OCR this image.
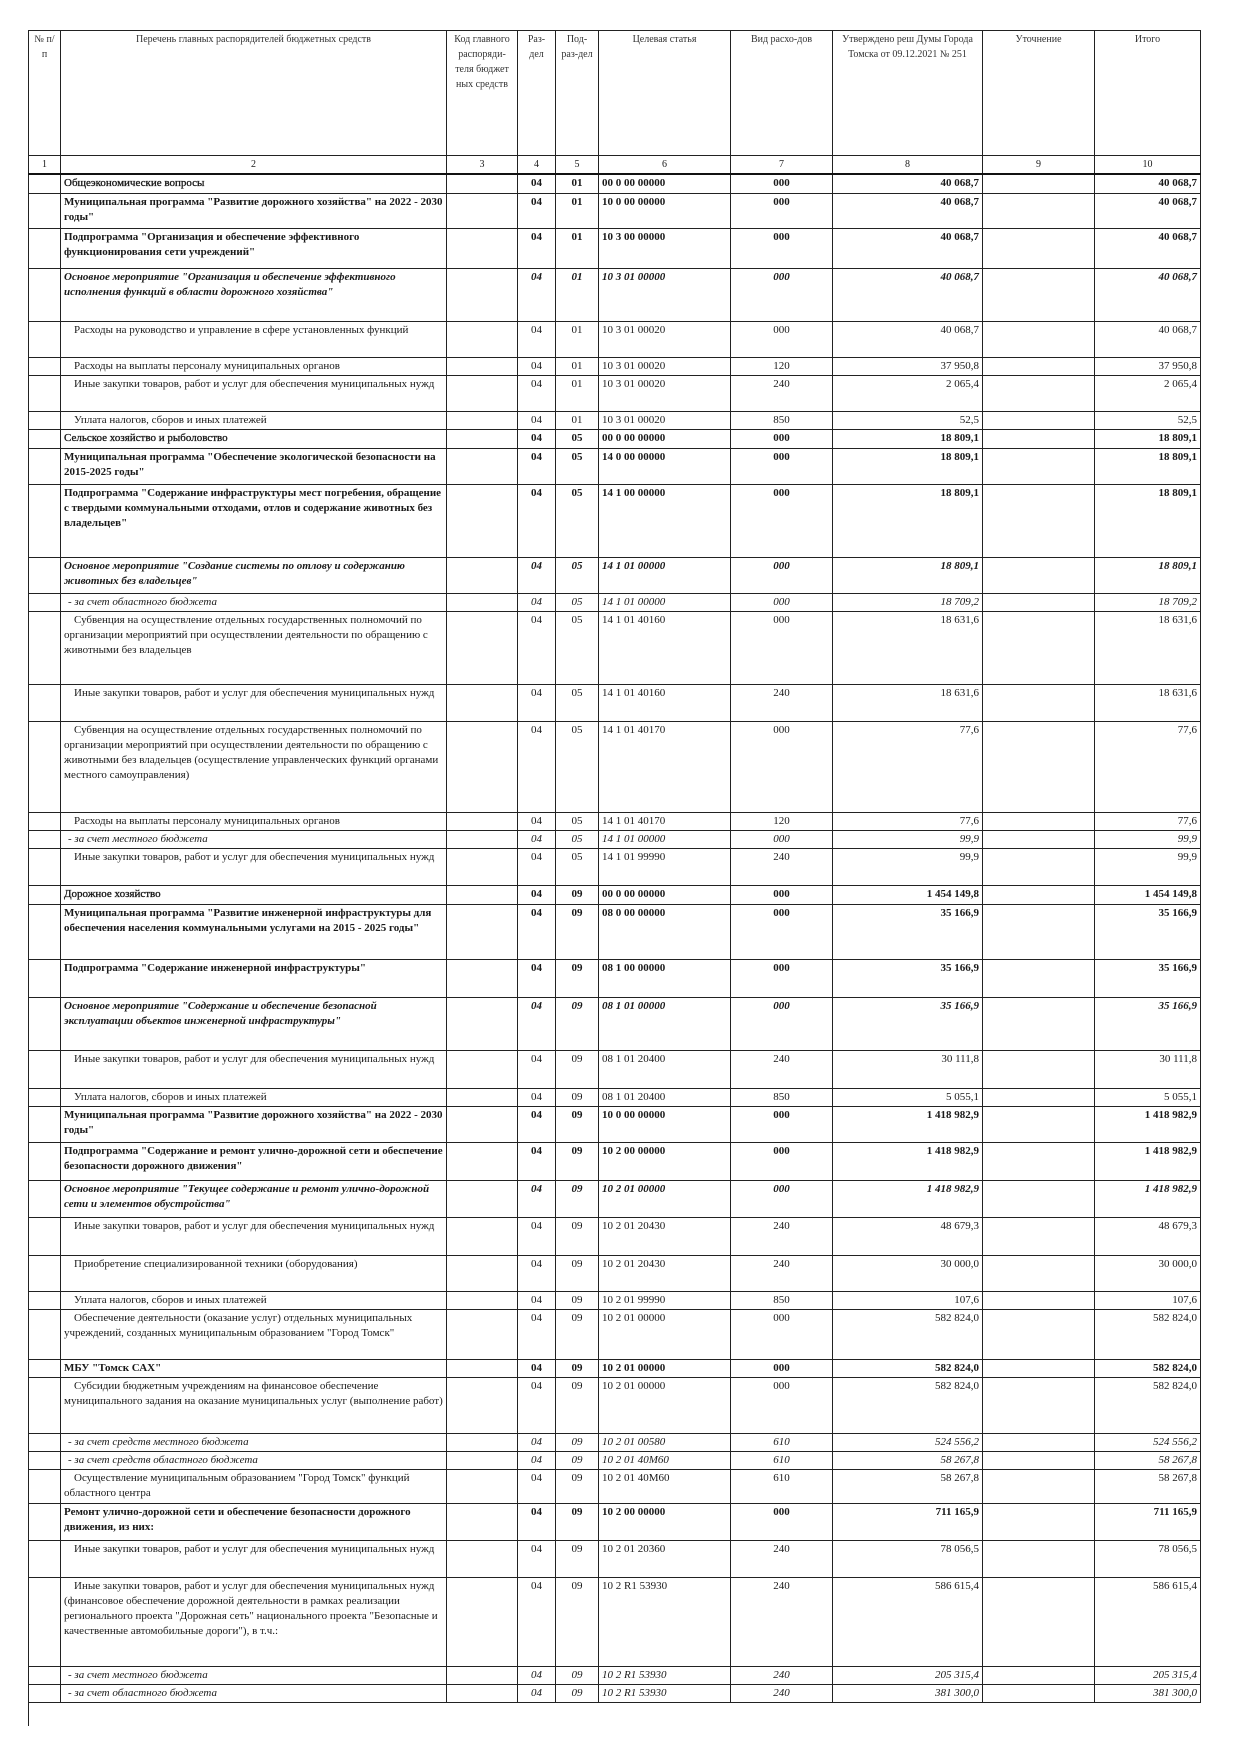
№ п/п	Перечень главных распорядителей бюджетных средств	Код главного распоряди-теля бюджет ных средств	Раз-дел	Под-раз-дел	Целевая статья	Вид расхо-дов	Утверждено реш Думы Города Томска от 09.12.2021 № 251	Уточнение	Итого
1	2	3	4	5	6	7	8	9	10
	Общеэкономические вопросы		04	01	00 0 00 00000	000	40 068,7		40 068,7
	Муниципальная программа "Развитие дорожного хозяйства" на 2022 - 2030 годы"		04	01	10 0 00 00000	000	40 068,7		40 068,7
	Подпрограмма "Организация и обеспечение эффективного функционирования сети учреждений"		04	01	10 3 00 00000	000	40 068,7		40 068,7
	Основное мероприятие "Организация и обеспечение эффективного исполнения функций в области дорожного хозяйства"		04	01	10 3 01 00000	000	40 068,7		40 068,7
	Расходы на руководство и управление в сфере установленных функций		04	01	10 3 01 00020	000	40 068,7		40 068,7
	Расходы на выплаты персоналу муниципальных органов		04	01	10 3 01 00020	120	37 950,8		37 950,8
	Иные закупки товаров, работ и услуг для обеспечения муниципальных нужд		04	01	10 3 01 00020	240	2 065,4		2 065,4
	Уплата налогов, сборов и иных платежей		04	01	10 3 01 00020	850	52,5		52,5
	Сельское хозяйство и рыболовство		04	05	00 0 00 00000	000	18 809,1		18 809,1
	Муниципальная программа "Обеспечение экологической безопасности на 2015-2025 годы"		04	05	14 0 00 00000	000	18 809,1		18 809,1
	Подпрограмма "Содержание инфраструктуры мест погребения, обращение с твердыми коммунальными отходами, отлов и содержание животных без владельцев"		04	05	14 1 00 00000	000	18 809,1		18 809,1
	Основное мероприятие "Создание системы по отлову и содержанию животных без владельцев"		04	05	14 1 01 00000	000	18 809,1		18 809,1
	- за счет областного бюджета		04	05	14 1 01 00000	000	18 709,2		18 709,2
	Субвенция на осуществление отдельных государственных полномочий по организации мероприятий при осуществлении деятельности по обращению с животными без владельцев		04	05	14 1 01 40160	000	18 631,6		18 631,6
	Иные закупки товаров, работ и услуг для обеспечения муниципальных нужд		04	05	14 1 01 40160	240	18 631,6		18 631,6
	Субвенция на осуществление отдельных государственных полномочий по организации мероприятий при осуществлении деятельности по обращению с животными без владельцев (осуществление управленческих функций органами местного самоуправления)		04	05	14 1 01 40170	000	77,6		77,6
	Расходы на выплаты персоналу муниципальных органов		04	05	14 1 01 40170	120	77,6		77,6
	- за счет местного бюджета		04	05	14 1 01 00000	000	99,9		99,9
	Иные закупки товаров, работ и услуг для обеспечения муниципальных нужд		04	05	14 1 01 99990	240	99,9		99,9
	Дорожное хозяйство		04	09	00 0 00 00000	000	1 454 149,8		1 454 149,8
	Муниципальная программа "Развитие инженерной инфраструктуры для обеспечения населения коммунальными услугами на 2015 - 2025 годы"		04	09	08 0 00 00000	000	35 166,9		35 166,9
	Подпрограмма "Содержание инженерной инфраструктуры"		04	09	08 1 00 00000	000	35 166,9		35 166,9
	Основное мероприятие "Содержание и обеспечение безопасной эксплуатации объектов инженерной инфраструктуры"		04	09	08 1 01 00000	000	35 166,9		35 166,9
	Иные закупки товаров, работ и услуг для обеспечения муниципальных нужд		04	09	08 1 01 20400	240	30 111,8		30 111,8
	Уплата налогов, сборов и иных платежей		04	09	08 1 01 20400	850	5 055,1		5 055,1
	Муниципальная программа "Развитие дорожного хозяйства" на 2022 - 2030 годы"		04	09	10 0 00 00000	000	1 418 982,9		1 418 982,9
	Подпрограмма "Содержание и ремонт улично-дорожной сети и обеспечение безопасности дорожного движения"		04	09	10 2 00 00000	000	1 418 982,9		1 418 982,9
	Основное мероприятие "Текущее содержание и ремонт улично-дорожной сети и элементов обустройства"		04	09	10 2 01 00000	000	1 418 982,9		1 418 982,9
	Иные закупки товаров, работ и услуг для обеспечения муниципальных нужд		04	09	10 2 01 20430	240	48 679,3		48 679,3
	Приобретение специализированной техники (оборудования)		04	09	10 2 01 20430	240	30 000,0		30 000,0
	Уплата налогов, сборов и иных платежей		04	09	10 2 01 99990	850	107,6		107,6
	Обеспечение деятельности (оказание услуг) отдельных муниципальных учреждений, созданных муниципальным образованием "Город Томск"		04	09	10 2 01 00000	000	582 824,0		582 824,0
	МБУ "Томск САХ"		04	09	10 2 01 00000	000	582 824,0		582 824,0
	Субсидии бюджетным учреждениям на финансовое обеспечение муниципального задания на оказание муниципальных услуг (выполнение работ)		04	09	10 2 01 00000	000	582 824,0		582 824,0
	- за счет средств местного бюджета		04	09	10 2 01 00580	610	524 556,2		524 556,2
	- за счет средств областного бюджета		04	09	10 2 01 40М60	610	58 267,8		58 267,8
	Осуществление муниципальным образованием "Город Томск" функций областного центра		04	09	10 2 01 40М60	610	58 267,8		58 267,8
	Ремонт улично-дорожной сети и обеспечение безопасности дорожного движения, из них:		04	09	10 2 00 00000	000	711 165,9		711 165,9
	Иные закупки товаров, работ и услуг для обеспечения муниципальных нужд		04	09	10 2 01 20360	240	78 056,5		78 056,5
	Иные закупки товаров, работ и услуг для обеспечения муниципальных нужд (финансовое обеспечение дорожной деятельности в рамках реализации регионального проекта "Дорожная сеть" национального проекта "Безопасные и качественные автомобильные дороги"), в т.ч.:		04	09	10 2 R1 53930	240	586 615,4		586 615,4
	- за счет местного бюджета		04	09	10 2 R1 53930	240	205 315,4		205 315,4
	- за счет областного бюджета		04	09	10 2 R1 53930	240	381 300,0		381 300,0
